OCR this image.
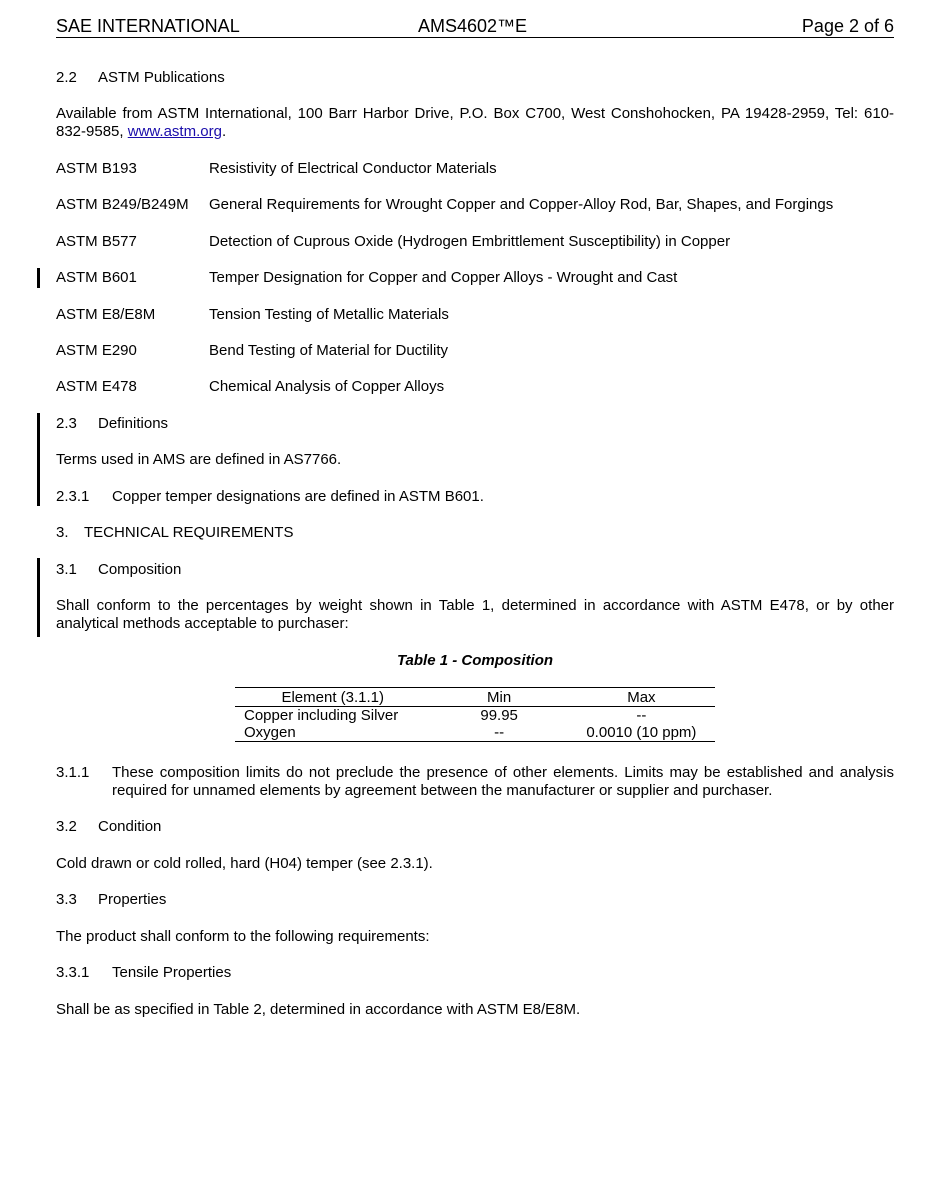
SAE INTERNATIONAL	AMS4602™E	Page 2 of 6
2.2 ASTM Publications
Available from ASTM International, 100 Barr Harbor Drive, P.O. Box C700, West Conshohocken, PA 19428-2959, Tel: 610-832-9585, www.astm.org.
ASTM B193	Resistivity of Electrical Conductor Materials
ASTM B249/B249M General Requirements for Wrought Copper and Copper-Alloy Rod, Bar, Shapes, and Forgings
ASTM B577	Detection of Cuprous Oxide (Hydrogen Embrittlement Susceptibility) in Copper
ASTM B601	Temper Designation for Copper and Copper Alloys - Wrought and Cast
ASTM E8/E8M	Tension Testing of Metallic Materials
ASTM E290	Bend Testing of Material for Ductility
ASTM E478	Chemical Analysis of Copper Alloys
2.3 Definitions
Terms used in AMS are defined in AS7766.
2.3.1 Copper temper designations are defined in ASTM B601.
3. TECHNICAL REQUIREMENTS
3.1 Composition
Shall conform to the percentages by weight shown in Table 1, determined in accordance with ASTM E478, or by other analytical methods acceptable to purchaser:
Table 1 - Composition
Element (3.1.1)	Min	Max
Copper including Silver	99.95	--
Oxygen	--	0.0010 (10 ppm)
3.1.1 These composition limits do not preclude the presence of other elements. Limits may be established and analysis required for unnamed elements by agreement between the manufacturer or supplier and purchaser.
3.2 Condition
Cold drawn or cold rolled, hard (H04) temper (see 2.3.1).
3.3 Properties
The product shall conform to the following requirements:
3.3.1 Tensile Properties
Shall be as specified in Table 2, determined in accordance with ASTM E8/E8M.
